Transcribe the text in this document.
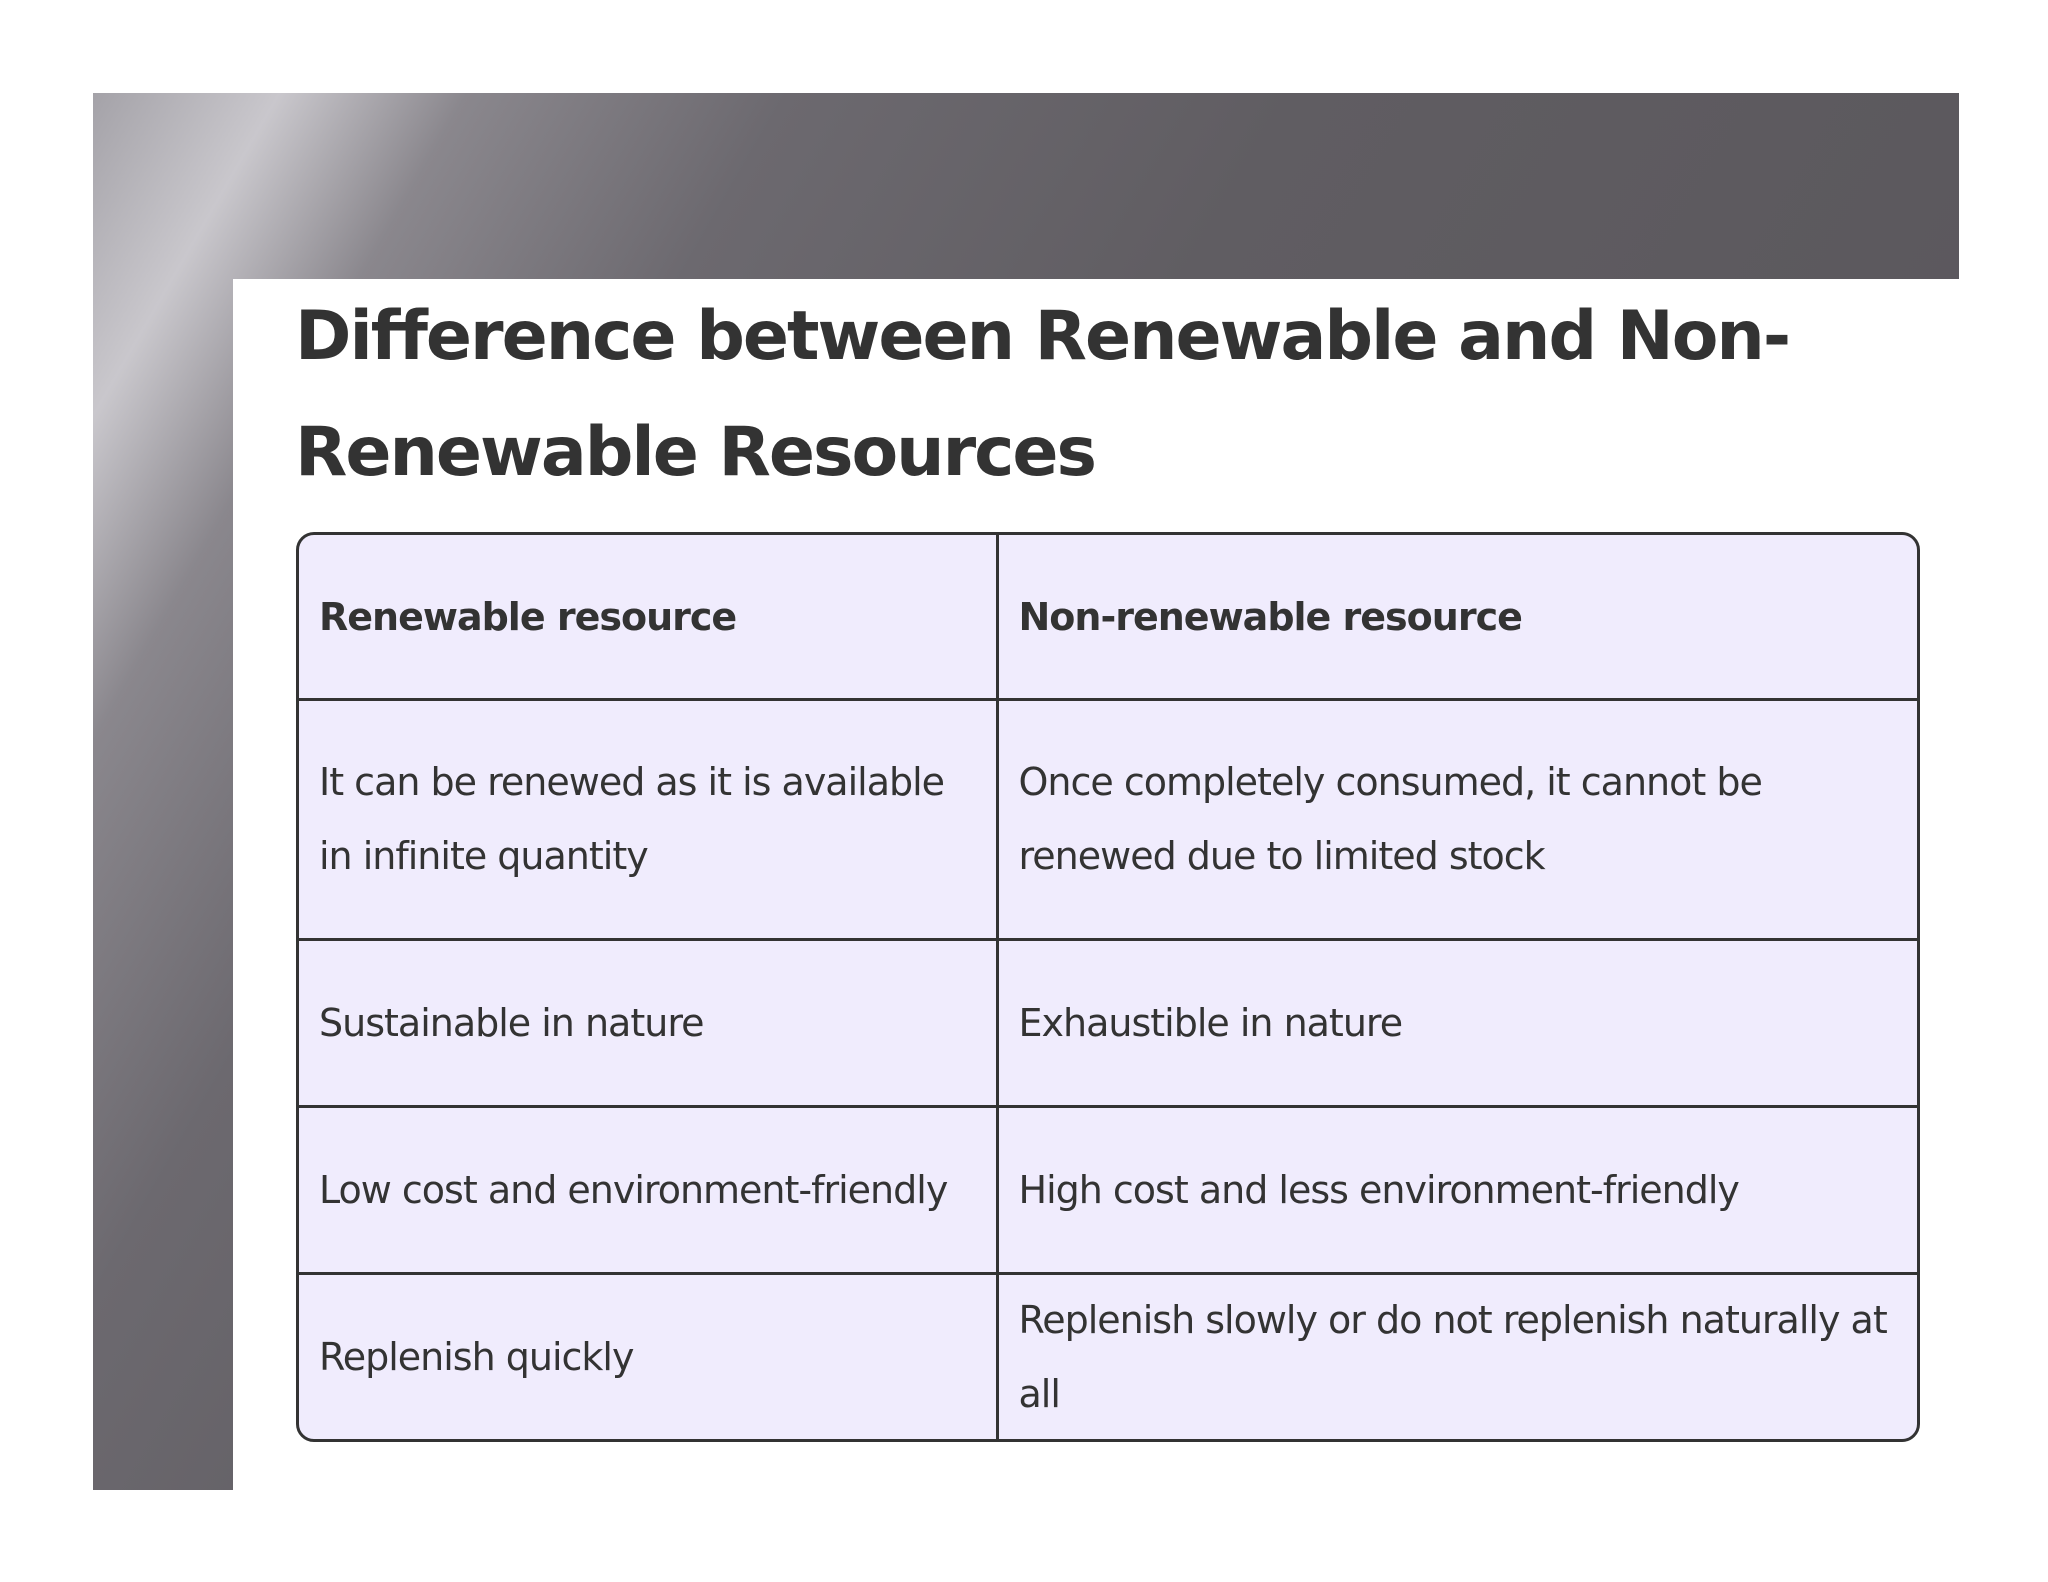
Difference between Renewable and Non-Renewable Resources
Renewable resource	Non-renewable resource
It can be renewed as it is available in infinite quantity	Once completely consumed, it cannot be renewed due to limited stock
Sustainable in nature	Exhaustible in nature
Low cost and environment-friendly	High cost and less environment-friendly
Replenish quickly	Replenish slowly or do not replenish naturally at all
